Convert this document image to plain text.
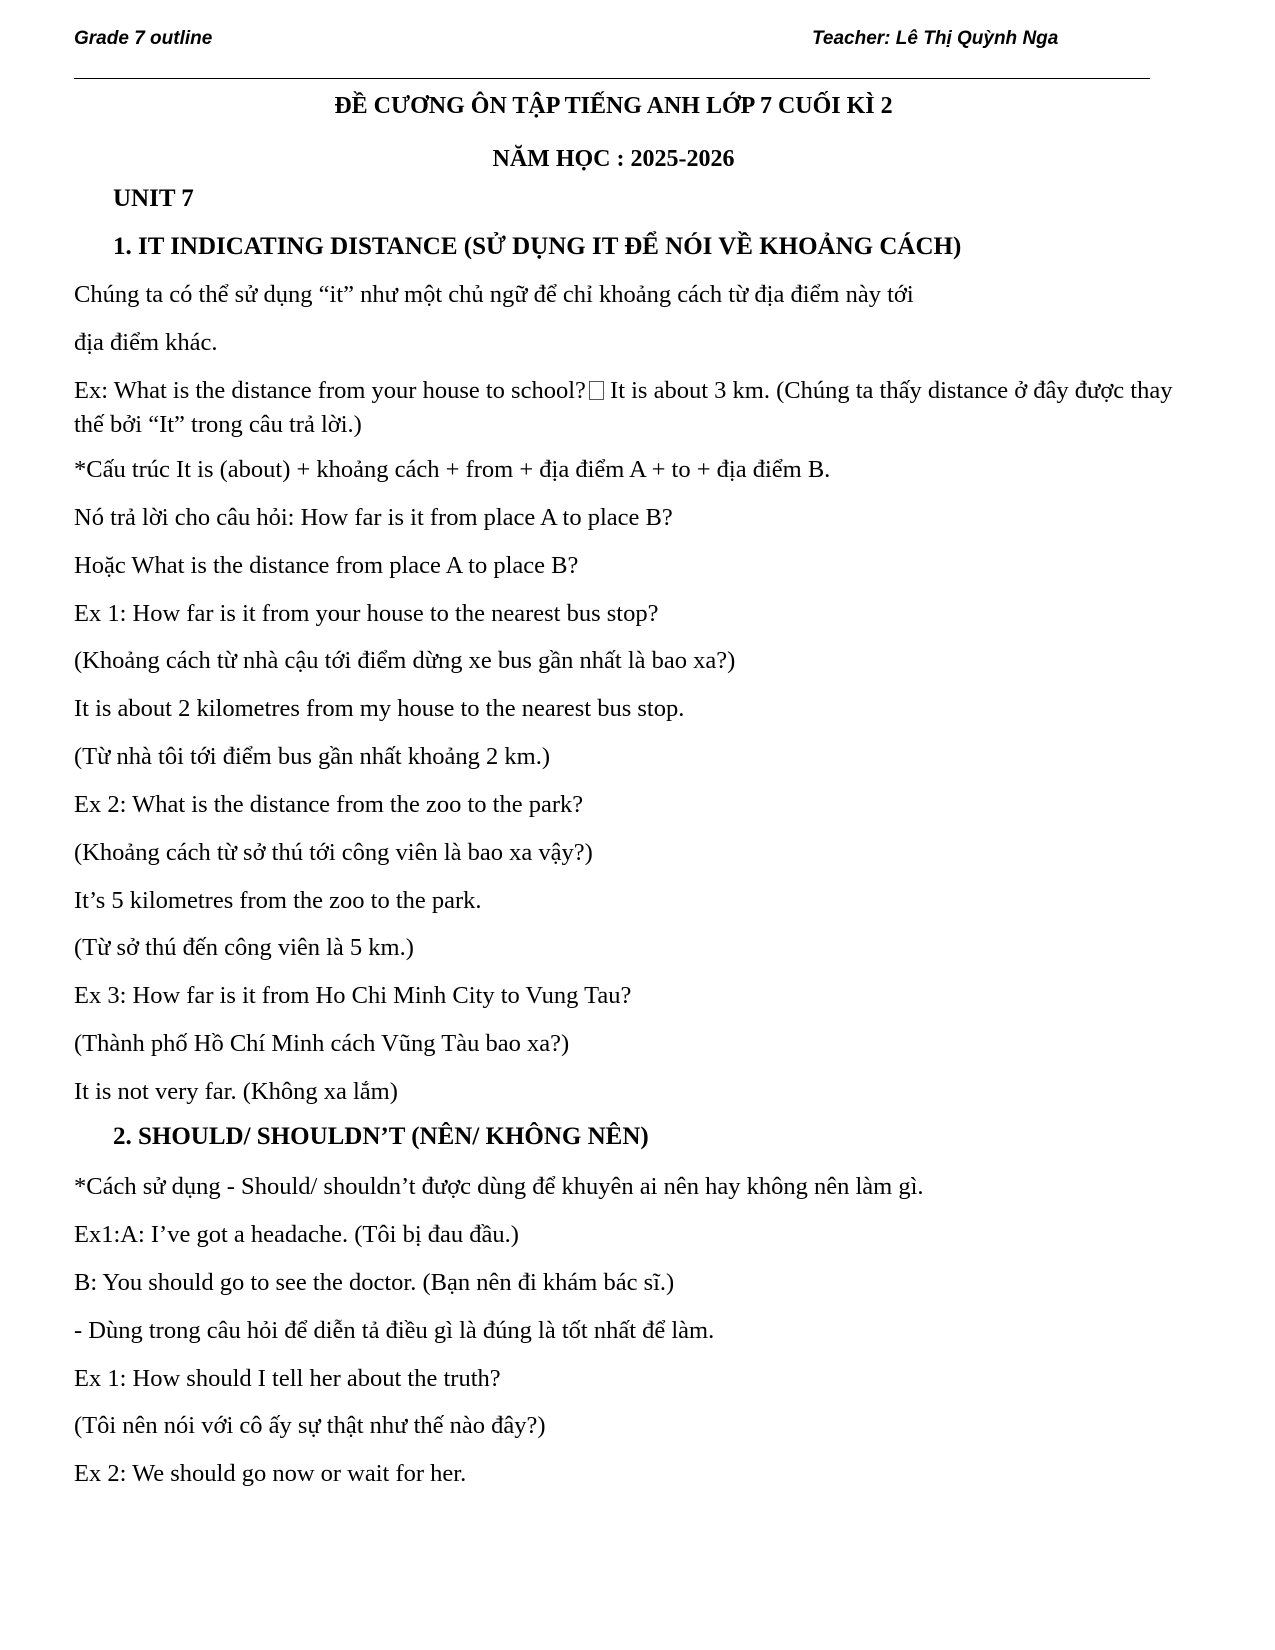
Grade 7 outline	Teacher: Lê Thị Quỳnh Nga
ĐỀ CƯƠNG ÔN TẬP TIẾNG ANH LỚP 7 CUỐI KÌ 2
NĂM HỌC : 2025-2026
UNIT 7
1. IT INDICATING DISTANCE (SỬ DỤNG IT ĐỂ NÓI VỀ KHOẢNG CÁCH)
Chúng ta có thể sử dụng “it” như một chủ ngữ để chỉ khoảng cách từ địa điểm này tới
địa điểm khác.
Ex: What is the distance from your house to school? It is about 3 km. (Chúng ta thấy distance ở đây được thay thế bởi “It” trong câu trả lời.)
*Cấu trúc It is (about) + khoảng cách + from + địa điểm A + to + địa điểm B.
Nó trả lời cho câu hỏi: How far is it from place A to place B?
Hoặc What is the distance from place A to place B?
Ex 1: How far is it from your house to the nearest bus stop?
(Khoảng cách từ nhà cậu tới điểm dừng xe bus gần nhất là bao xa?)
It is about 2 kilometres from my house to the nearest bus stop.
(Từ nhà tôi tới điểm bus gần nhất khoảng 2 km.)
Ex 2: What is the distance from the zoo to the park?
(Khoảng cách từ sở thú tới công viên là bao xa vậy?)
It’s 5 kilometres from the zoo to the park.
(Từ sở thú đến công viên là 5 km.)
Ex 3: How far is it from Ho Chi Minh City to Vung Tau?
(Thành phố Hồ Chí Minh cách Vũng Tàu bao xa?)
It is not very far. (Không xa lắm)
2. SHOULD/ SHOULDN’T (NÊN/ KHÔNG NÊN)
*Cách sử dụng - Should/ shouldn’t được dùng để khuyên ai nên hay không nên làm gì.
Ex1:A: I’ve got a headache. (Tôi bị đau đầu.)
B: You should go to see the doctor. (Bạn nên đi khám bác sĩ.)
- Dùng trong câu hỏi để diễn tả điều gì là đúng là tốt nhất để làm.
Ex 1: How should I tell her about the truth?
(Tôi nên nói với cô ấy sự thật như thế nào đây?)
Ex 2: We should go now or wait for her.
